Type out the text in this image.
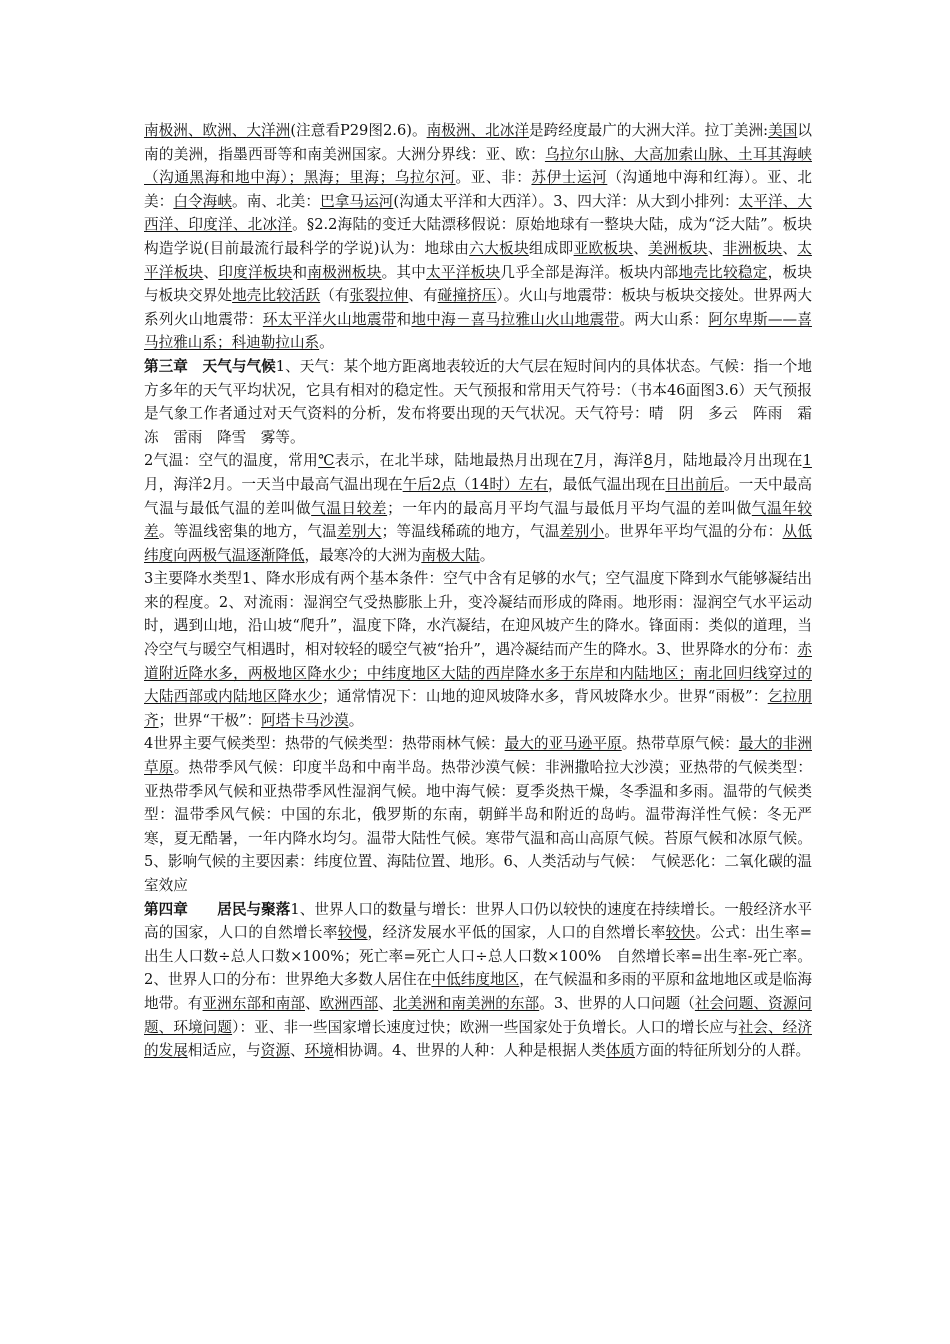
南极洲、欧洲、大洋洲(注意看P29图2.6)。南极洲、北冰洋是跨经度最广的大洲大洋。拉丁美洲:美国以南的美洲，指墨西哥等和南美洲国家。大洲分界线：亚、欧：乌拉尔山脉、大高加索山脉、土耳其海峡（沟通黑海和地中海）；黑海；里海；乌拉尔河。亚、非：苏伊士运河（沟通地中海和红海）。亚、北美：白令海峡。南、北美：巴拿马运河(沟通太平洋和大西洋）。3、四大洋：从大到小排列：太平洋、大西洋、印度洋、北冰洋。§2.2海陆的变迁大陆漂移假说：原始地球有一整块大陆，成为“泛大陆”。板块构造学说(目前最流行最科学的学说)认为：地球由六大板块组成即亚欧板块、美洲板块、非洲板块、太平洋板块、印度洋板块和南极洲板块。其中太平洋板块几乎全部是海洋。板块内部地壳比较稳定，板块与板块交界处地壳比较活跃（有张裂拉伸、有碰撞挤压）。火山与地震带：板块与板块交接处。世界两大系列火山地震带：环太平洋火山地震带和地中海－喜马拉雅山火山地震带。两大山系：阿尔卑斯——喜马拉雅山系；科迪勒拉山系。

第三章　天气与气候1、天气：某个地方距离地表较近的大气层在短时间内的具体状态。气候：指一个地方多年的天气平均状况，它具有相对的稳定性。天气预报和常用天气符号：（书本46面图3.6）天气预报是气象工作者通过对天气资料的分析，发布将要出现的天气状况。天气符号：晴　阴　多云　阵雨　霜冻　雷雨　降雪　雾等。

2气温：空气的温度，常用℃表示，在北半球，陆地最热月出现在7月，海洋8月，陆地最冷月出现在1月，海洋2月。一天当中最高气温出现在午后2点（14时）左右，最低气温出现在日出前后。一天中最高气温与最低气温的差叫做气温日较差；一年内的最高月平均气温与最低月平均气温的差叫做气温年较差。等温线密集的地方，气温差别大；等温线稀疏的地方，气温差别小。世界年平均气温的分布：从低纬度向两极气温逐渐降低，最寒冷的大洲为南极大陆。

3主要降水类型1、降水形成有两个基本条件：空气中含有足够的水气；空气温度下降到水气能够凝结出来的程度。2、对流雨：湿润空气受热膨胀上升，变冷凝结而形成的降雨。地形雨：湿润空气水平运动时，遇到山地，沿山坡“爬升”，温度下降，水汽凝结，在迎风坡产生的降水。锋面雨：类似的道理，当冷空气与暖空气相遇时，相对较轻的暖空气被“抬升”，遇冷凝结而产生的降水。3、世界降水的分布：赤道附近降水多，两极地区降水少；中纬度地区大陆的西岸降水多于东岸和内陆地区；南北回归线穿过的大陆西部或内陆地区降水少；通常情况下：山地的迎风坡降水多，背风坡降水少。世界“雨极”：乞拉朋齐；世界“干极”：阿塔卡马沙漠。

4世界主要气候类型：热带的气候类型：热带雨林气候：最大的亚马逊平原。热带草原气候：最大的非洲草原。热带季风气候：印度半岛和中南半岛。热带沙漠气候：非洲撒哈拉大沙漠；亚热带的气候类型：亚热带季风气候和亚热带季风性湿润气候。地中海气候：夏季炎热干燥，冬季温和多雨。温带的气候类型：温带季风气候：中国的东北，俄罗斯的东南，朝鲜半岛和附近的岛屿。温带海洋性气候：冬无严寒，夏无酷暑，一年内降水均匀。温带大陆性气候。寒带气温和高山高原气候。苔原气候和冰原气候。5、影响气候的主要因素：纬度位置、海陆位置、地形。6、人类活动与气候：　气候恶化：二氧化碳的温室效应

第四章　　居民与聚落1、世界人口的数量与增长：世界人口仍以较快的速度在持续增长。一般经济水平高的国家，人口的自然增长率较慢，经济发展水平低的国家，人口的自然增长率较快。公式：出生率=出生人口数÷总人口数×100%；死亡率=死亡人口÷总人口数×100%　自然增长率=出生率-死亡率。2、世界人口的分布：世界绝大多数人居住在中低纬度地区，在气候温和多雨的平原和盆地地区或是临海地带。有亚洲东部和南部、欧洲西部、北美洲和南美洲的东部。3、世界的人口问题（社会问题、资源问题、环境问题）：亚、非一些国家增长速度过快；欧洲一些国家处于负增长。人口的增长应与社会、经济的发展相适应，与资源、环境相协调。4、世界的人种：人种是根据人类体质方面的特征所划分的人群。
